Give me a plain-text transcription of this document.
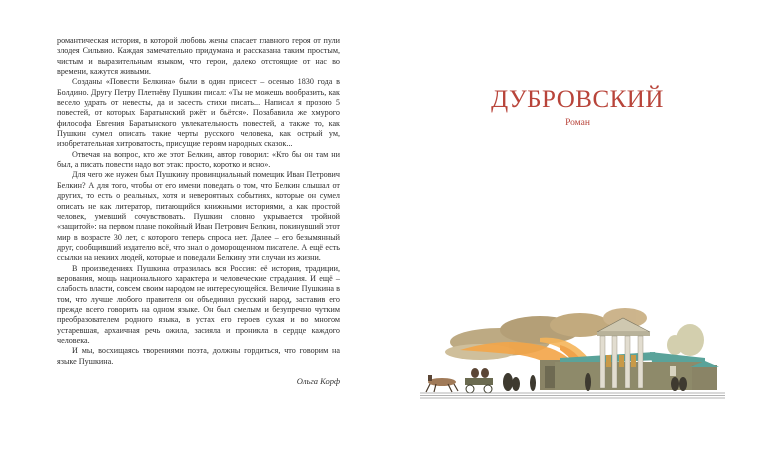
романтическая история, в которой любовь жены спасает главного героя от пули злодея Сильвио. Каждая замечательно придумана и рассказана таким простым, чистым и выразительным языком, что герои, далеко отстоящие от нас во времени, кажутся живыми.

Созданы «Повести Белкина» были в один присест – осенью 1830 года в Болдино. Другу Петру Плетнёву Пушкин писал: «Ты не можешь вообразить, как весело удрать от невесты, да и засесть стихи писать... Написал я прозою 5 повестей, от которых Баратынский ржёт и бьётся». Позабавила же хмурого философа Евгения Баратынского увлекательность повестей, а также то, как Пушкин сумел описать такие черты русского человека, как острый ум, изобретательная хитроватость, присущие героям народных сказок...

Отвечая на вопрос, кто же этот Белкин, автор говорил: «Кто бы он там ни был, а писать повести надо вот этак: просто, коротко и ясно».

Для чего же нужен был Пушкину провинциальный помещик Иван Петрович Белкин? А для того, чтобы от его имени поведать о том, что Белкин слышал от других, то есть о реальных, хотя и невероятных событиях, которые он сумел описать не как литератор, питающийся книжными историями, а как простой человек, умевший сочувствовать. Пушкин словно укрывается тройной «защитой»: на первом плане покойный Иван Петрович Белкин, покинувший этот мир в возрасте 30 лет, с которого теперь спроса нет. Далее – его безымянный друг, сообщивший издателю всё, что знал о доморощенном писателе. А ещё есть ссылки на некиих людей, которые и поведали Белкину эти случаи из жизни.

В произведениях Пушкина отразилась вся Россия: её история, традиции, верования, мощь национального характера и человеческие страдания. И ещё – слабость власти, совсем своим народом не интересующейся. Величие Пушкина в том, что лучше любого правителя он объединил русский народ, заставив его прежде всего говорить на одном языке. Он был смелым и безупречно чутким преобразователем родного языка, в устах его героев сухая и во многом устаревшая, архаичная речь ожила, засияла и проникла в сердце каждого человека.

И мы, восхищаясь творениями поэта, должны гордиться, что говорим на языке Пушкина.

Ольга Корф
ДУБРОВСКИЙ
Роман
